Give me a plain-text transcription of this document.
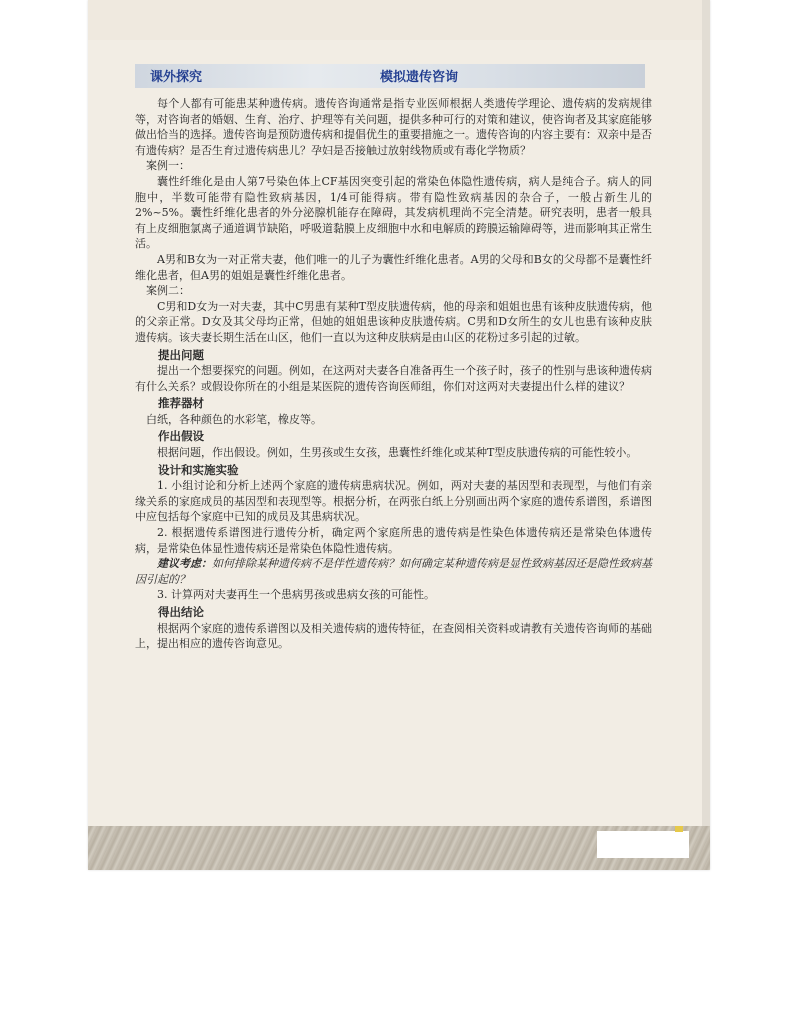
课外探究	模拟遗传咨询

每个人都有可能患某种遗传病。遗传咨询通常是指专业医师根据人类遗传学理论、遗传病的发病规律等，对咨询者的婚姻、生育、治疗、护理等有关问题，提供多种可行的对策和建议，使咨询者及其家庭能够做出恰当的选择。遗传咨询是预防遗传病和提倡优生的重要措施之一。遗传咨询的内容主要有：双亲中是否有遗传病？是否生育过遗传病患儿？孕妇是否接触过放射线物质或有毒化学物质？

案例一：

囊性纤维化是由人第7号染色体上CF基因突变引起的常染色体隐性遗传病，病人是纯合子。病人的同胞中，半数可能带有隐性致病基因，1/4可能得病。带有隐性致病基因的杂合子，一般占新生儿的2%~5%。囊性纤维化患者的外分泌腺机能存在障碍，其发病机理尚不完全清楚。研究表明，患者一般具有上皮细胞氯离子通道调节缺陷，呼吸道黏膜上皮细胞中水和电解质的跨膜运输障碍等，进而影响其正常生活。

A男和B女为一对正常夫妻，他们唯一的儿子为囊性纤维化患者。A男的父母和B女的父母都不是囊性纤维化患者，但A男的姐姐是囊性纤维化患者。

案例二：

C男和D女为一对夫妻，其中C男患有某种T型皮肤遗传病，他的母亲和姐姐也患有该种皮肤遗传病，他的父亲正常。D女及其父母均正常，但她的姐姐患该种皮肤遗传病。C男和D女所生的女儿也患有该种皮肤遗传病。该夫妻长期生活在山区，他们一直以为这种皮肤病是由山区的花粉过多引起的过敏。

提出问题

提出一个想要探究的问题。例如，在这两对夫妻各自准备再生一个孩子时，孩子的性别与患该种遗传病有什么关系？或假设你所在的小组是某医院的遗传咨询医师组，你们对这两对夫妻提出什么样的建议？

推荐器材
白纸，各种颜色的水彩笔，橡皮等。
作出假设

根据问题，作出假设。例如，生男孩或生女孩，患囊性纤维化或某种T型皮肤遗传病的可能性较小。

设计和实施实验

1. 小组讨论和分析上述两个家庭的遗传病患病状况。例如，两对夫妻的基因型和表现型，与他们有亲缘关系的家庭成员的基因型和表现型等。根据分析，在两张白纸上分别画出两个家庭的遗传系谱图，系谱图中应包括每个家庭中已知的成员及其患病状况。

2. 根据遗传系谱图进行遗传分析，确定两个家庭所患的遗传病是性染色体遗传病还是常染色体遗传病，是常染色体显性遗传病还是常染色体隐性遗传病。

建议考虑：如何排除某种遗传病不是伴性遗传病？如何确定某种遗传病是显性致病基因还是隐性致病基因引起的？

3. 计算两对夫妻再生一个患病男孩或患病女孩的可能性。

得出结论

根据两个家庭的遗传系谱图以及相关遗传病的遗传特征，在查阅相关资料或请教有关遗传咨询师的基础上，提出相应的遗传咨询意见。
